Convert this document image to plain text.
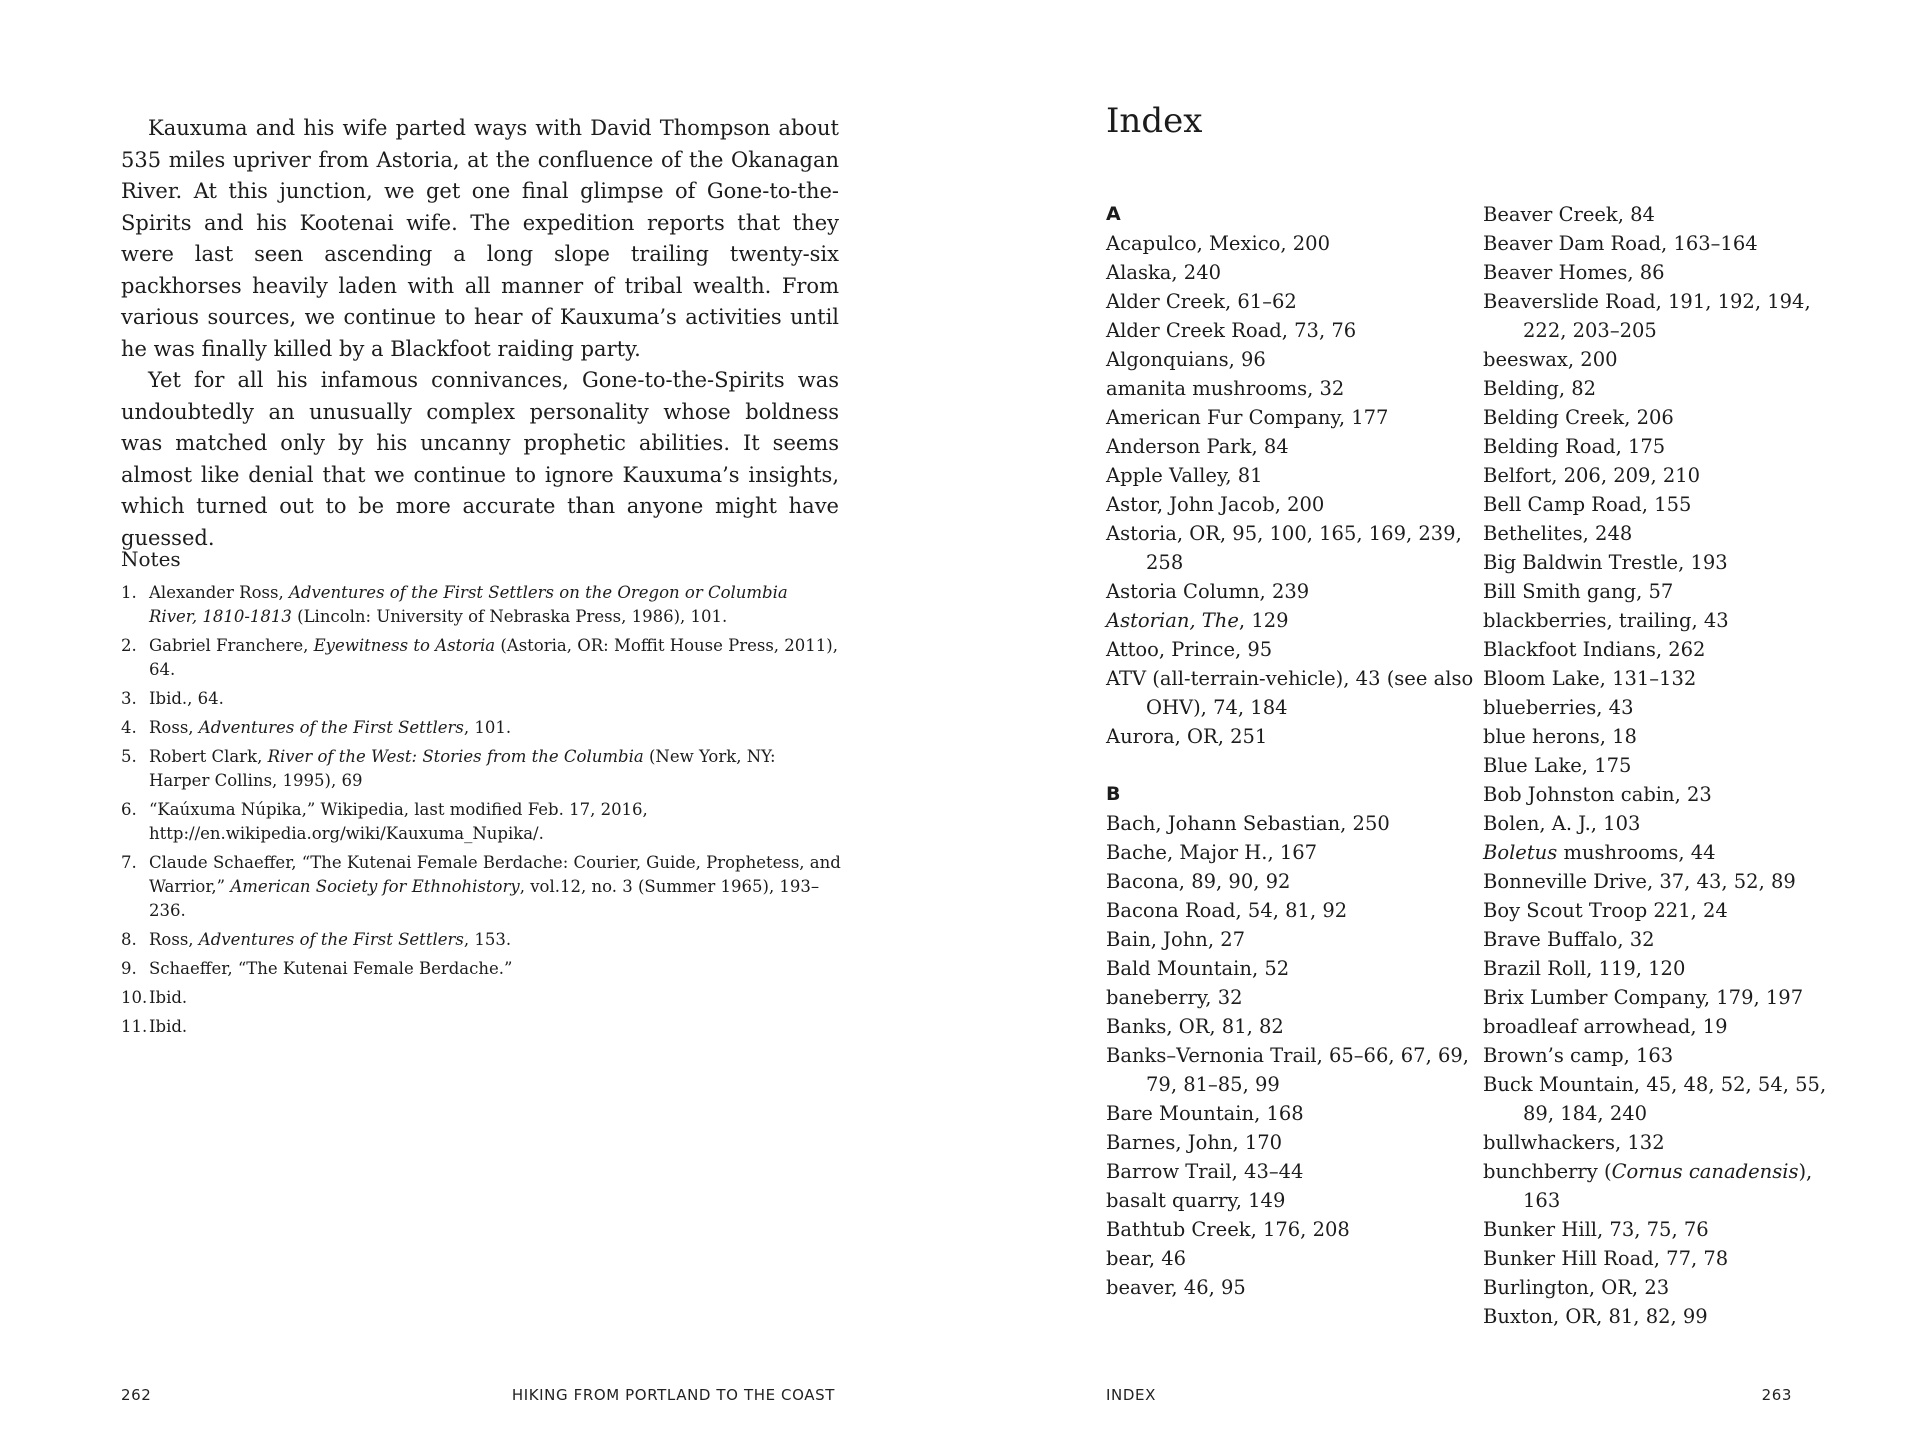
Kauxuma and his wife parted ways with David Thompson about 535 miles upriver from Astoria, at the confluence of the Okanagan River. At this junction, we get one final glimpse of Gone-to-the-Spirits and his Kootenai wife. The expedition reports that they were last seen ascending a long slope trailing twenty-six packhorses heavily laden with all manner of tribal wealth. From various sources, we continue to hear of Kauxuma’s activities until he was finally killed by a Blackfoot raiding party.

Yet for all his infamous connivances, Gone-to-the-Spirits was undoubtedly an unusually complex personality whose boldness was matched only by his uncanny prophetic abilities. It seems almost like denial that we continue to ignore Kauxuma’s insights, which turned out to be more accurate than anyone might have guessed.

Notes
1. Alexander Ross, Adventures of the First Settlers on the Oregon or Columbia River, 1810-1813 (Lincoln: University of Nebraska Press, 1986), 101.
2. Gabriel Franchere, Eyewitness to Astoria (Astoria, OR: Moffit House Press, 2011), 64.
3. Ibid., 64.
4. Ross, Adventures of the First Settlers, 101.
5. Robert Clark, River of the West: Stories from the Columbia (New York, NY: Harper Collins, 1995), 69
6. “Kaúxuma Núpika,” Wikipedia, last modified Feb. 17, 2016, http://en.wikipedia.org/wiki/Kauxuma_Nupika/.
7. Claude Schaeffer, “The Kutenai Female Berdache: Courier, Guide, Prophetess, and Warrior,” American Society for Ethnohistory, vol.12, no. 3 (Summer 1965), 193–236.
8. Ross, Adventures of the First Settlers, 153.
9. Schaeffer, “The Kutenai Female Berdache.”
10. Ibid.
11. Ibid.
262	HIKING FROM PORTLAND TO THE COAST
Index
A
Acapulco, Mexico, 200
Alaska, 240
Alder Creek, 61–62
Alder Creek Road, 73, 76
Algonquians, 96
amanita mushrooms, 32
American Fur Company, 177
Anderson Park, 84
Apple Valley, 81
Astor, John Jacob, 200
Astoria, OR, 95, 100, 165, 169, 239, 258
Astoria Column, 239
Astorian, The, 129
Attoo, Prince, 95
ATV (all-terrain-vehicle), 43 (see also OHV), 74, 184
Aurora, OR, 251
B
Bach, Johann Sebastian, 250
Bache, Major H., 167
Bacona, 89, 90, 92
Bacona Road, 54, 81, 92
Bain, John, 27
Bald Mountain, 52
baneberry, 32
Banks, OR, 81, 82
Banks–Vernonia Trail, 65–66, 67, 69, 79, 81–85, 99
Bare Mountain, 168
Barnes, John, 170
Barrow Trail, 43–44
basalt quarry, 149
Bathtub Creek, 176, 208
bear, 46
beaver, 46, 95
Beaver Creek, 84
Beaver Dam Road, 163–164
Beaver Homes, 86
Beaverslide Road, 191, 192, 194, 222, 203–205
beeswax, 200
Belding, 82
Belding Creek, 206
Belding Road, 175
Belfort, 206, 209, 210
Bell Camp Road, 155
Bethelites, 248
Big Baldwin Trestle, 193
Bill Smith gang, 57
blackberries, trailing, 43
Blackfoot Indians, 262
Bloom Lake, 131–132
blueberries, 43
blue herons, 18
Blue Lake, 175
Bob Johnston cabin, 23
Bolen, A. J., 103
Boletus mushrooms, 44
Bonneville Drive, 37, 43, 52, 89
Boy Scout Troop 221, 24
Brave Buffalo, 32
Brazil Roll, 119, 120
Brix Lumber Company, 179, 197
broadleaf arrowhead, 19
Brown’s camp, 163
Buck Mountain, 45, 48, 52, 54, 55, 89, 184, 240
bullwhackers, 132
bunchberry (Cornus canadensis), 163
Bunker Hill, 73, 75, 76
Bunker Hill Road, 77, 78
Burlington, OR, 23
Buxton, OR, 81, 82, 99
INDEX	263
